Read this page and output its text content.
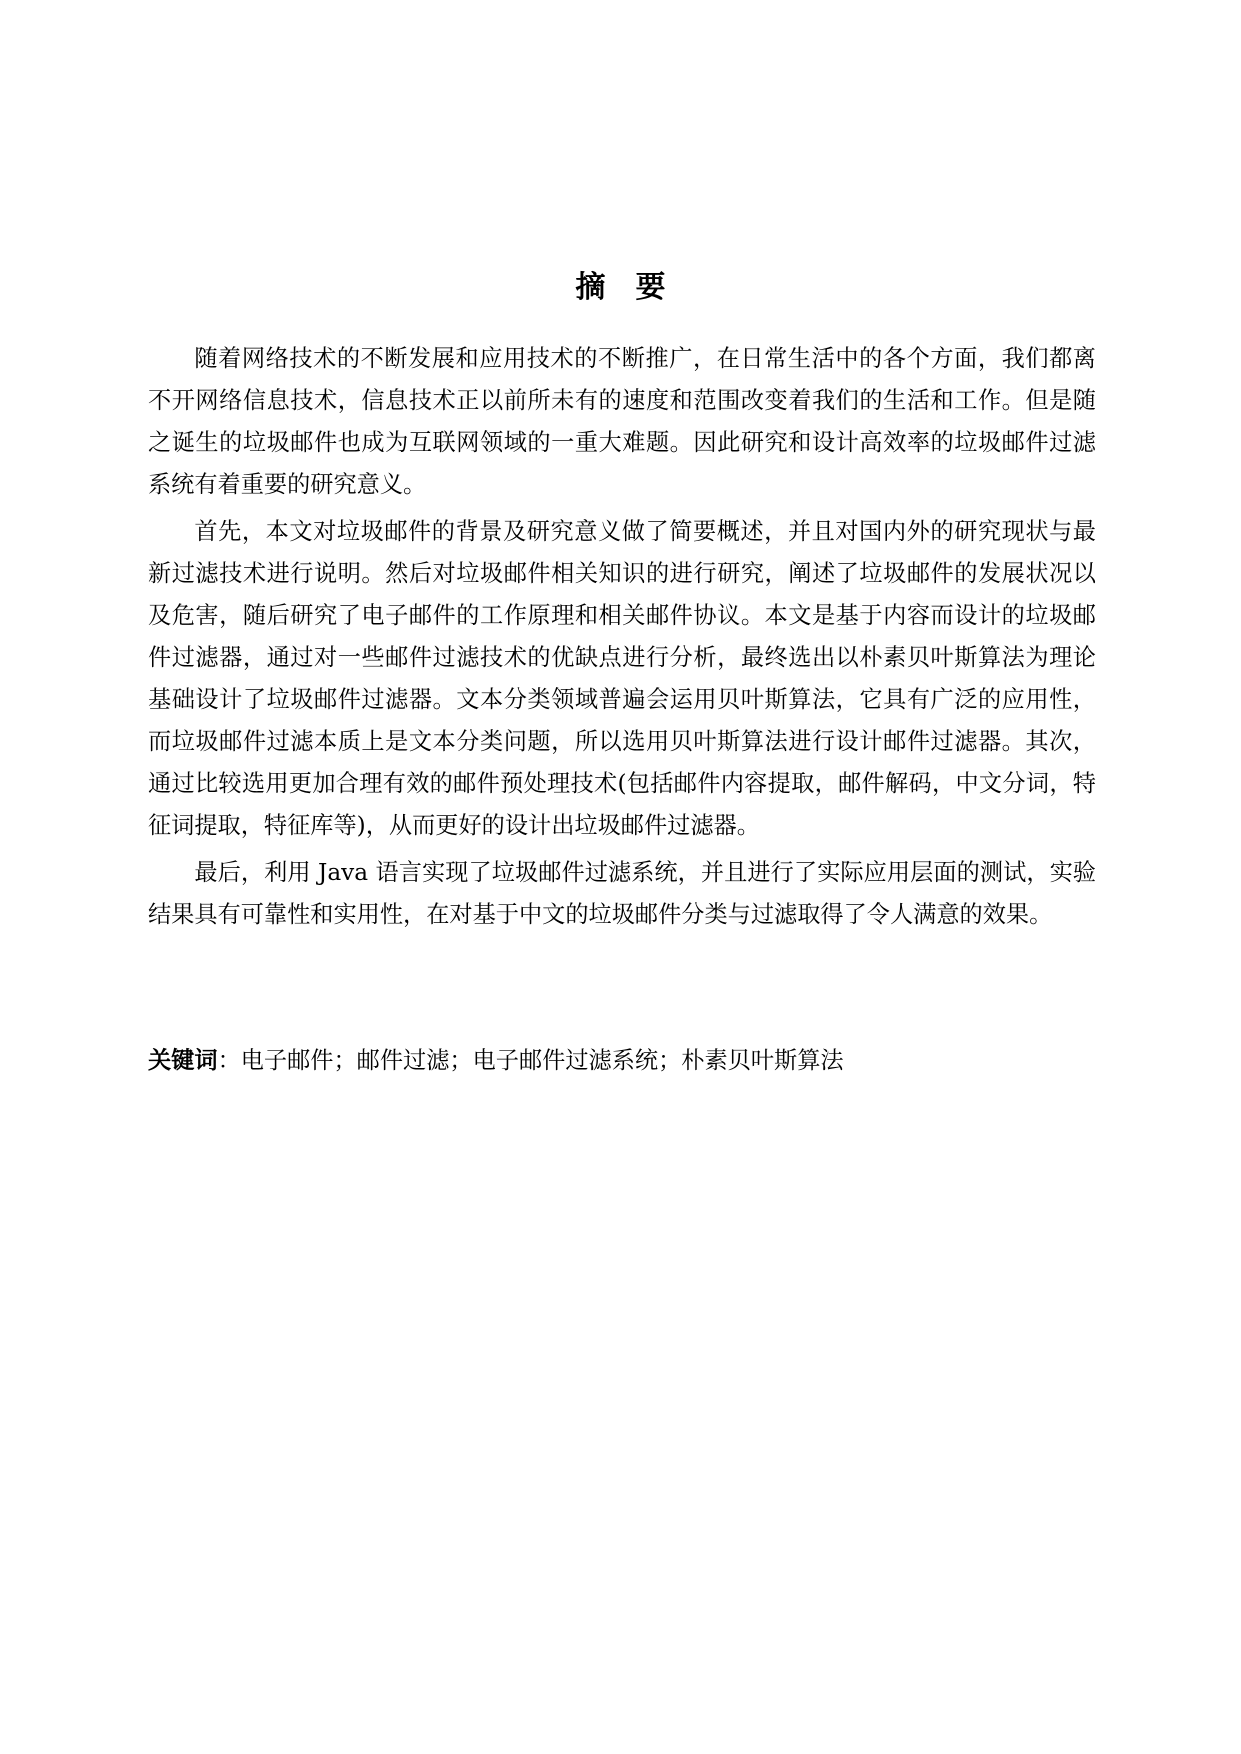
摘 要

随着网络技术的不断发展和应用技术的不断推广，在日常生活中的各个方面，我们都离不开网络信息技术，信息技术正以前所未有的速度和范围改变着我们的生活和工作。但是随之诞生的垃圾邮件也成为互联网领域的一重大难题。因此研究和设计高效率的垃圾邮件过滤系统有着重要的研究意义。

首先，本文对垃圾邮件的背景及研究意义做了简要概述，并且对国内外的研究现状与最新过滤技术进行说明。然后对垃圾邮件相关知识的进行研究，阐述了垃圾邮件的发展状况以及危害，随后研究了电子邮件的工作原理和相关邮件协议。本文是基于内容而设计的垃圾邮件过滤器，通过对一些邮件过滤技术的优缺点进行分析，最终选出以朴素贝叶斯算法为理论基础设计了垃圾邮件过滤器。文本分类领域普遍会运用贝叶斯算法，它具有广泛的应用性，而垃圾邮件过滤本质上是文本分类问题，所以选用贝叶斯算法进行设计邮件过滤器。其次，通过比较选用更加合理有效的邮件预处理技术(包括邮件内容提取，邮件解码，中文分词，特征词提取，特征库等)，从而更好的设计出垃圾邮件过滤器。

最后，利用 Java 语言实现了垃圾邮件过滤系统，并且进行了实际应用层面的测试，实验结果具有可靠性和实用性，在对基于中文的垃圾邮件分类与过滤取得了令人满意的效果。

关键词：电子邮件；邮件过滤；电子邮件过滤系统；朴素贝叶斯算法
